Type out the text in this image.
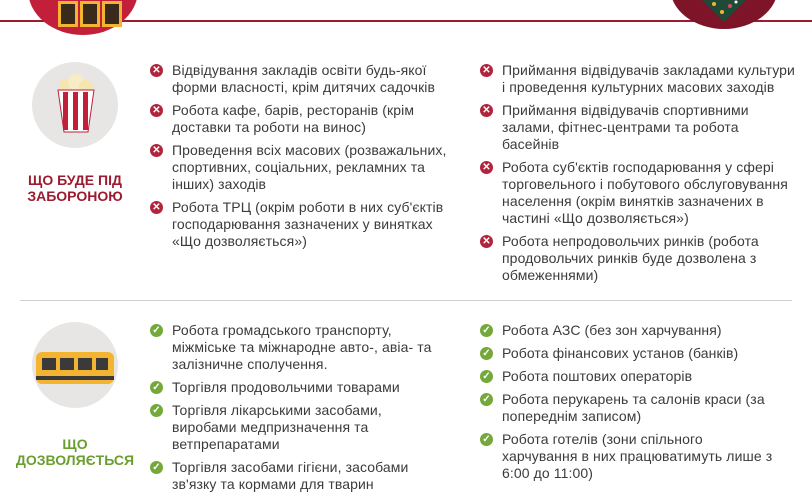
ЩО БУДЕ ПІД
ЗАБОРОНОЮ
✕ Відвідування закладів освіти будь-якої форми власності, крім дитячих садочків
✕ Робота кафе, барів, ресторанів (крім доставки та роботи на винос)
✕ Проведення всіх масових (розважальних, спортивних, соціальних, рекламних та інших) заходів
✕ Робота ТРЦ (окрім роботи в них суб'єктів господарювання зазначених у винятках «Що дозволяється»)
✕ Приймання відвідувачів закладами культури і проведення культурних масових заходів
✕ Приймання відвідувачів спортивними залами, фітнес-центрами та робота басейнів
✕ Робота суб'єктів господарювання у сфері торговельного і побутового обслуговування населення (окрім винятків зазначених в частині «Що дозволяється»)
✕ Робота непродовольчих ринків (робота продовольчих ринків буде дозволена з обмеженнями)
ЩО
ДОЗВОЛЯЄТЬСЯ
✓ Робота громадського транспорту, міжміське та міжнародне авто-, авіа- та залізничне сполучення.
✓ Торгівля продовольчими товарами
✓ Торгівля лікарськими засобами, виробами медпризначення та ветпрепаратами
✓ Торгівля засобами гігієни, засобами зв'язку та кормами для тварин
✓ Робота АЗС (без зон харчування)
✓ Робота фінансових установ (банків)
✓ Робота поштових операторів
✓ Робота перукарень та салонів краси (за попереднім записом)
✓ Робота готелів (зони спільного харчування в них працюватимуть лише з 6:00 до 11:00)
